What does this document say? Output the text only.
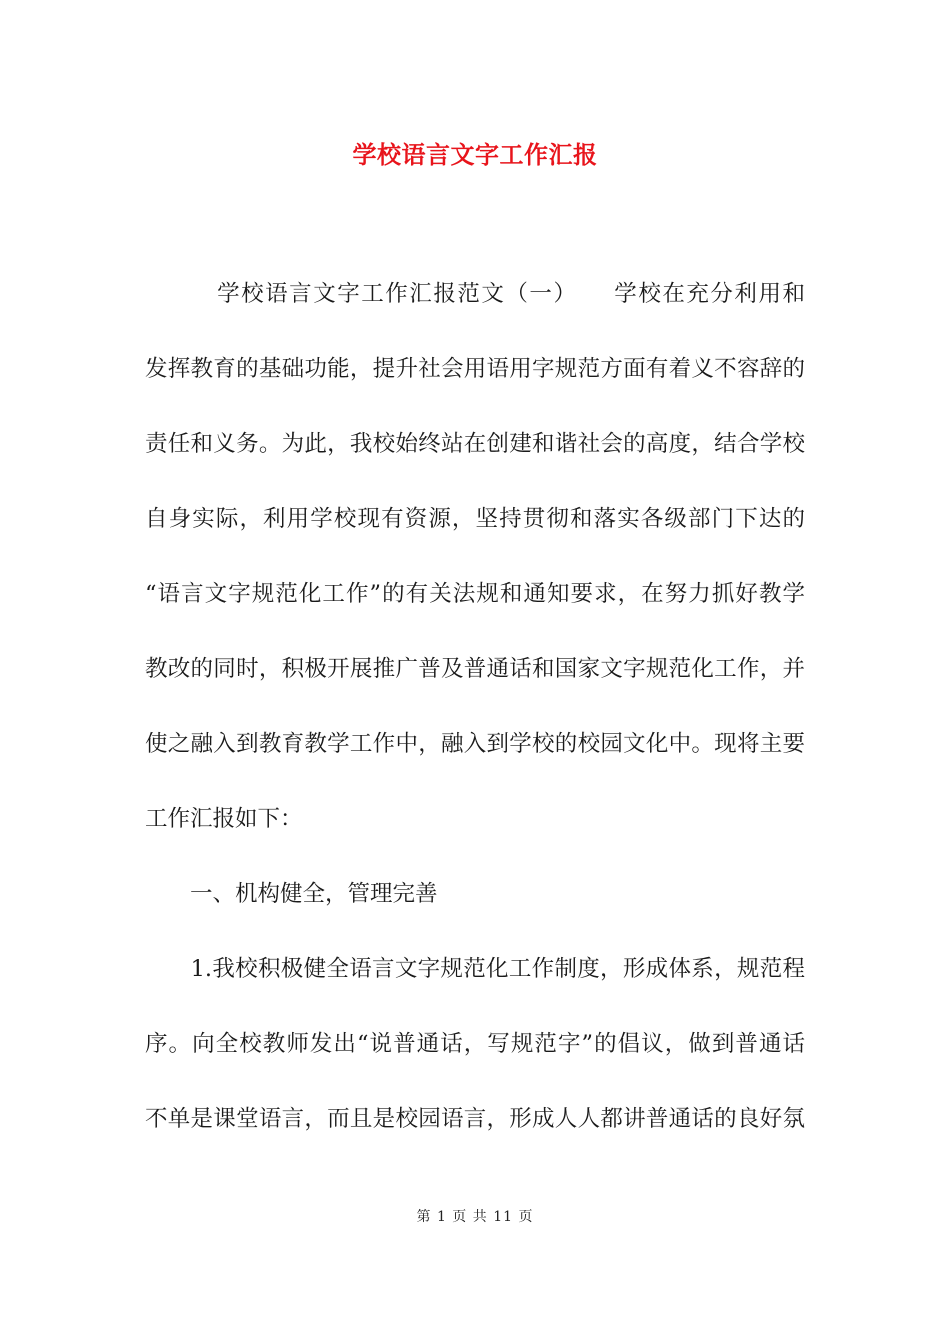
学校语言文字工作汇报
　　　学校语言文字工作汇报范文（一）　　学校在充分利用和
发挥教育的基础功能，提升社会用语用字规范方面有着义不容辞的
责任和义务。为此，我校始终站在创建和谐社会的高度，结合学校
自身实际，利用学校现有资源，坚持贯彻和落实各级部门下达的
“语言文字规范化工作”的有关法规和通知要求，在努力抓好教学
教改的同时，积极开展推广普及普通话和国家文字规范化工作，并
使之融入到教育教学工作中，融入到学校的校园文化中。现将主要
工作汇报如下：
　　一、机构健全，管理完善
　　1.我校积极健全语言文字规范化工作制度，形成体系，规范程
序。向全校教师发出“说普通话，写规范字”的倡议，做到普通话
不单是课堂语言，而且是校园语言，形成人人都讲普通话的良好氛
第 1 页 共 11 页
